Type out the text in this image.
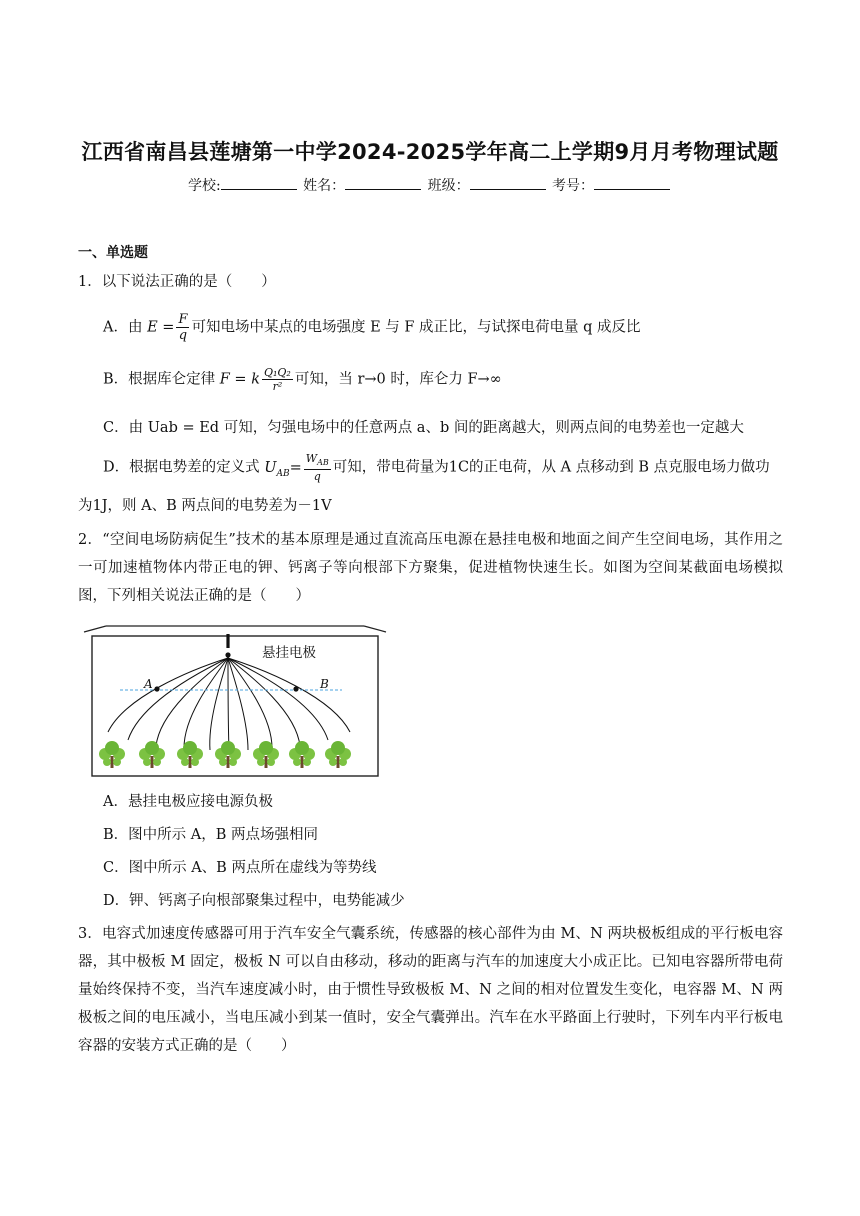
江西省南昌县莲塘第一中学2024-2025学年高二上学期9月月考物理试题
学校:	姓名：	班级：	考号：
一、单选题
1．以下说法正确的是（　　）
A．由 $E = \frac{F}{q}$ 可知电场中某点的电场强度 E 与 F 成正比，与试探电荷电量 q 成反比
B．根据库仑定律 F = k $\frac{\text{Q₁Q₂}}{\text{r²}}$ 可知，当 r→0 时，库仑力 F→∞
C．由 Uab = Ed 可知，匀强电场中的任意两点 a、b 间的距离越大，则两点间的电势差也一定越大
D．根据电势差的定义式 $U_{AB}= \frac{W_{AB}}{q}$ 可知，带电荷量为1C的正电荷，从 A 点移动到 B 点克服电场力做功
为1J，则 A、B 两点间的电势差为－1V
2．“空间电场防病促生”技术的基本原理是通过直流高压电源在悬挂电极和地面之间产生空间电场，其作用之一可加速植物体内带正电的钾、钙离子等向根部下方聚集，促进植物快速生长。如图为空间某截面电场模拟图，下列相关说法正确的是（　　）
A	B
悬挂电极
A．悬挂电极应接电源负极
B．图中所示 A，B 两点场强相同
C．图中所示 A、B 两点所在虚线为等势线
D．钾、钙离子向根部聚集过程中，电势能减少
3．电容式加速度传感器可用于汽车安全气囊系统，传感器的核心部件为由 M、N 两块极板组成的平行板电容器，其中极板 M 固定，极板 N 可以自由移动，移动的距离与汽车的加速度大小成正比。已知电容器所带电荷量始终保持不变，当汽车速度减小时，由于惯性导致极板 M、N 之间的相对位置发生变化，电容器 M、N 两极板之间的电压减小，当电压减小到某一值时，安全气囊弹出。汽车在水平路面上行驶时，下列车内平行板电容器的安装方式正确的是（　　）
